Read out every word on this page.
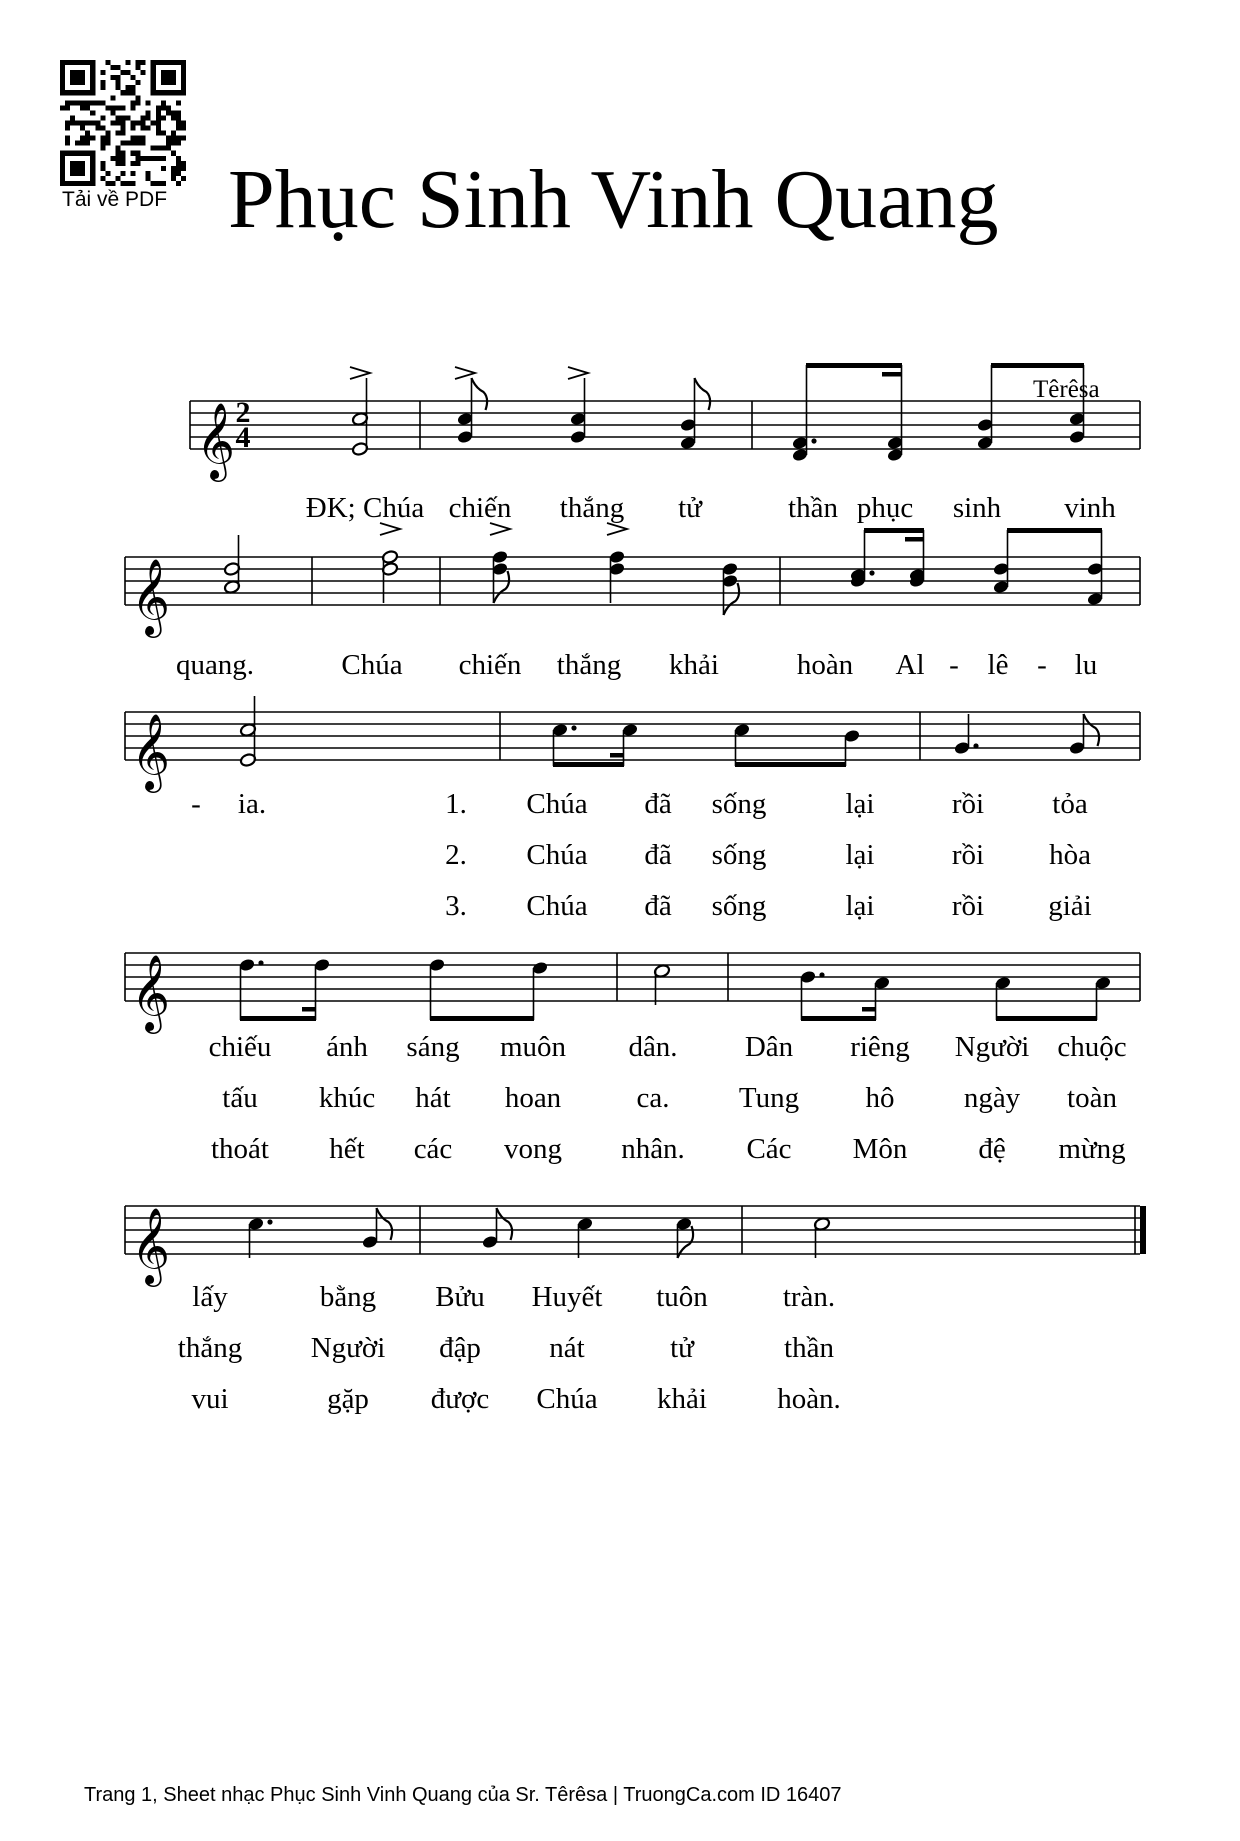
Tải về PDF Phục Sinh Vinh Quang
Têrêsa
𝄞
𝄞
𝄞
𝄞
𝄞
2
4
ĐK; Chúa chiến thắng tử	thần phục sinh vinh
quang.	Chúa chiến thắng khải	hoàn Al - lê - lu
- ia.	1. Chúa đã sống	lại	rồi tỏa
2. Chúa đã sống	lại	rồi hòa
3. Chúa đã sống	lại	rồi giải
chiếu ánh sáng muôn dân. Dân riêng Người chuộc
tấu khúc hát hoan	ca. Tung hô ngày toàn
thoát hết các vong nhân. Các Môn đệ mừng
lấy	bằng Bửu Huyết tuôn	tràn.
thắng Người đập nát	tử	thần
vui	gặp được Chúa khải hoàn.
Trang 1, Sheet nhạc Phục Sinh Vinh Quang của Sr. Têrêsa | TruongCa.com ID 16407
